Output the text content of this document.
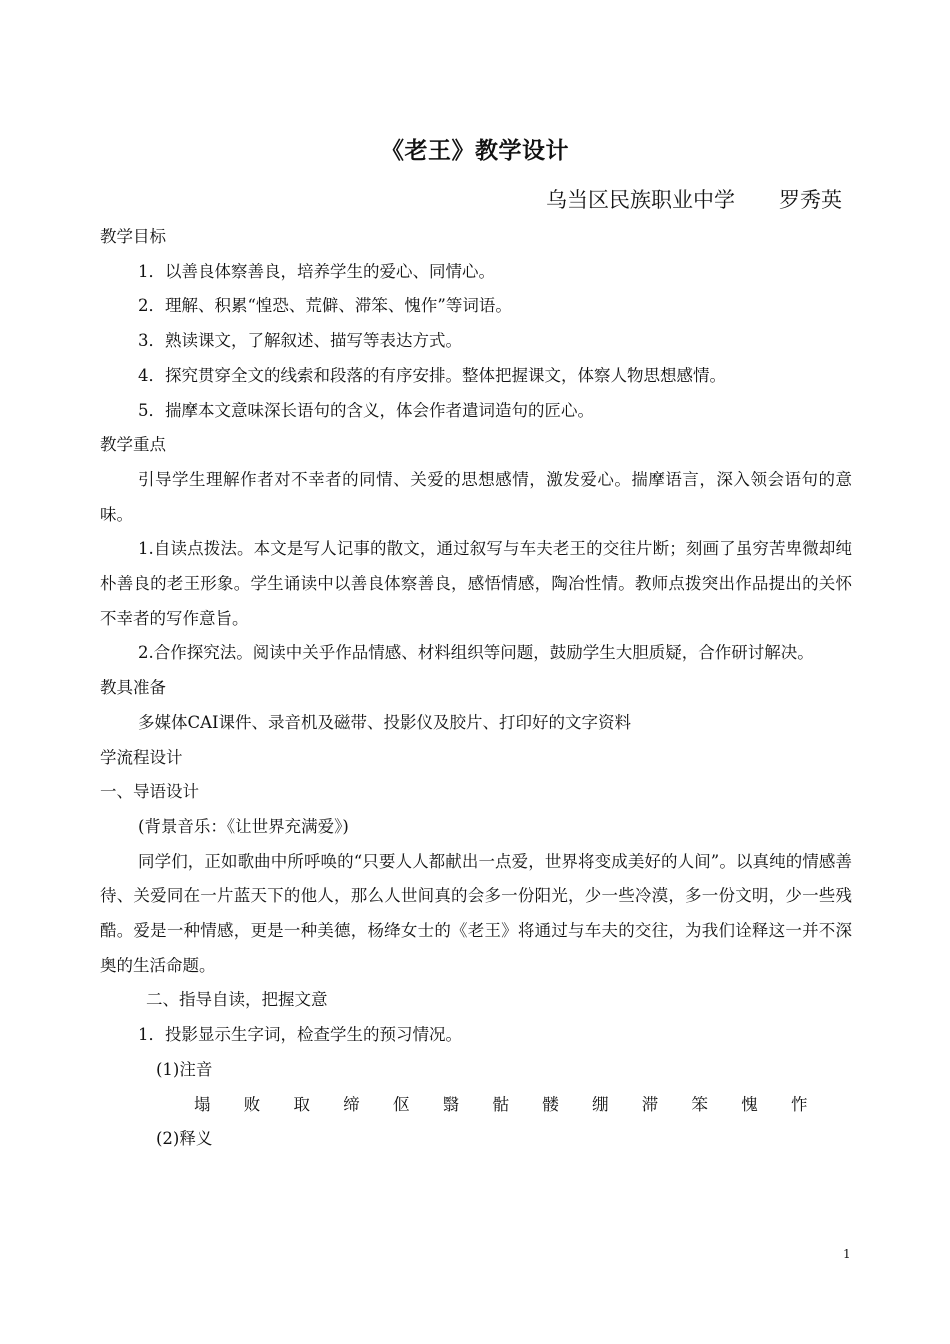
《老王》教学设计
乌当区民族职业中学 罗秀英

教学目标

1．以善良体察善良，培养学生的爱心、同情心。

2．理解、积累“惶恐、荒僻、滞笨、愧作”等词语。

3．熟读课文，了解叙述、描写等表达方式。

4．探究贯穿全文的线索和段落的有序安排。整体把握课文，体察人物思想感情。

5．揣摩本文意味深长语句的含义，体会作者遣词造句的匠心。

教学重点

引导学生理解作者对不幸者的同情、关爱的思想感情，激发爱心。揣摩语言，深入领会语句的意味。

1.自读点拨法。本文是写人记事的散文，通过叙写与车夫老王的交往片断；刻画了虽穷苦卑微却纯朴善良的老王形象。学生诵读中以善良体察善良，感悟情感，陶冶性情。教师点拨突出作品提出的关怀不幸者的写作意旨。

2.合作探究法。阅读中关乎作品情感、材料组织等问题，鼓励学生大胆质疑，合作研讨解决。

教具准备

多媒体CAI课件、录音机及磁带、投影仪及胶片、打印好的文字资料

学流程设计

一、导语设计

(背景音乐：《让世界充满爱》)

同学们，正如歌曲中所呼唤的“只要人人都献出一点爱，世界将变成美好的人间”。以真纯的情感善待、关爱同在一片蓝天下的他人，那么人世间真的会多一份阳光，少一些冷漠，多一份文明，少一些残酷。爱是一种情感，更是一种美德，杨绛女士的《老王》将通过与车夫的交往，为我们诠释这一并不深奥的生活命题。

二、指导自读，把握文意

1．投影显示生字词，检查学生的预习情况。

(1)注音

塌 败 取 缔 伛 翳 骷 髅 绷 滞 笨 愧 怍

(2)释义

1
